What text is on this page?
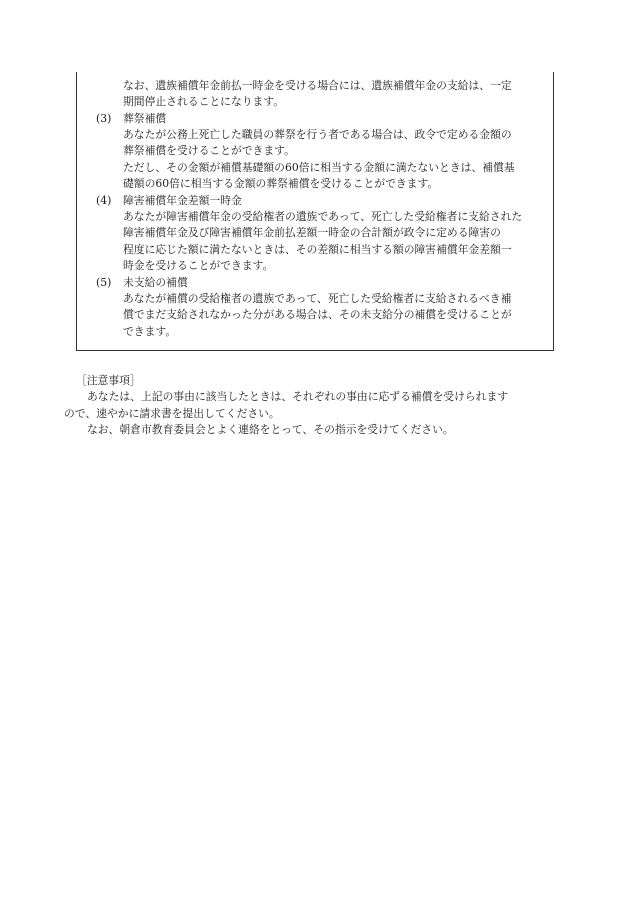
なお、遺族補償年金前払一時金を受ける場合には、遺族補償年金の支給は、一定
期間停止されることになります。
(3) 葬祭補償
あなたが公務上死亡した職員の葬祭を行う者である場合は、政令で定める金額の
葬祭補償を受けることができます。
ただし、その金額が補償基礎額の60倍に相当する金額に満たないときは、補償基
礎額の60倍に相当する金額の葬祭補償を受けることができます。
(4) 障害補償年金差額一時金
あなたが障害補償年金の受給権者の遺族であって、死亡した受給権者に支給された
障害補償年金及び障害補償年金前払差額一時金の合計額が政令に定める障害の
程度に応じた額に満たないときは、その差額に相当する額の障害補償年金差額一
時金を受けることができます。
(5) 未支給の補償
あなたが補償の受給権者の遺族であって、死亡した受給権者に支給されるべき補
償でまだ支給されなかった分がある場合は、その未支給分の補償を受けることが
できます。
［注意事項］
あなたは、上記の事由に該当したときは、それぞれの事由に応ずる補償を受けられます
ので、速やかに請求書を提出してください。
なお、朝倉市教育委員会とよく連絡をとって、その指示を受けてください。
